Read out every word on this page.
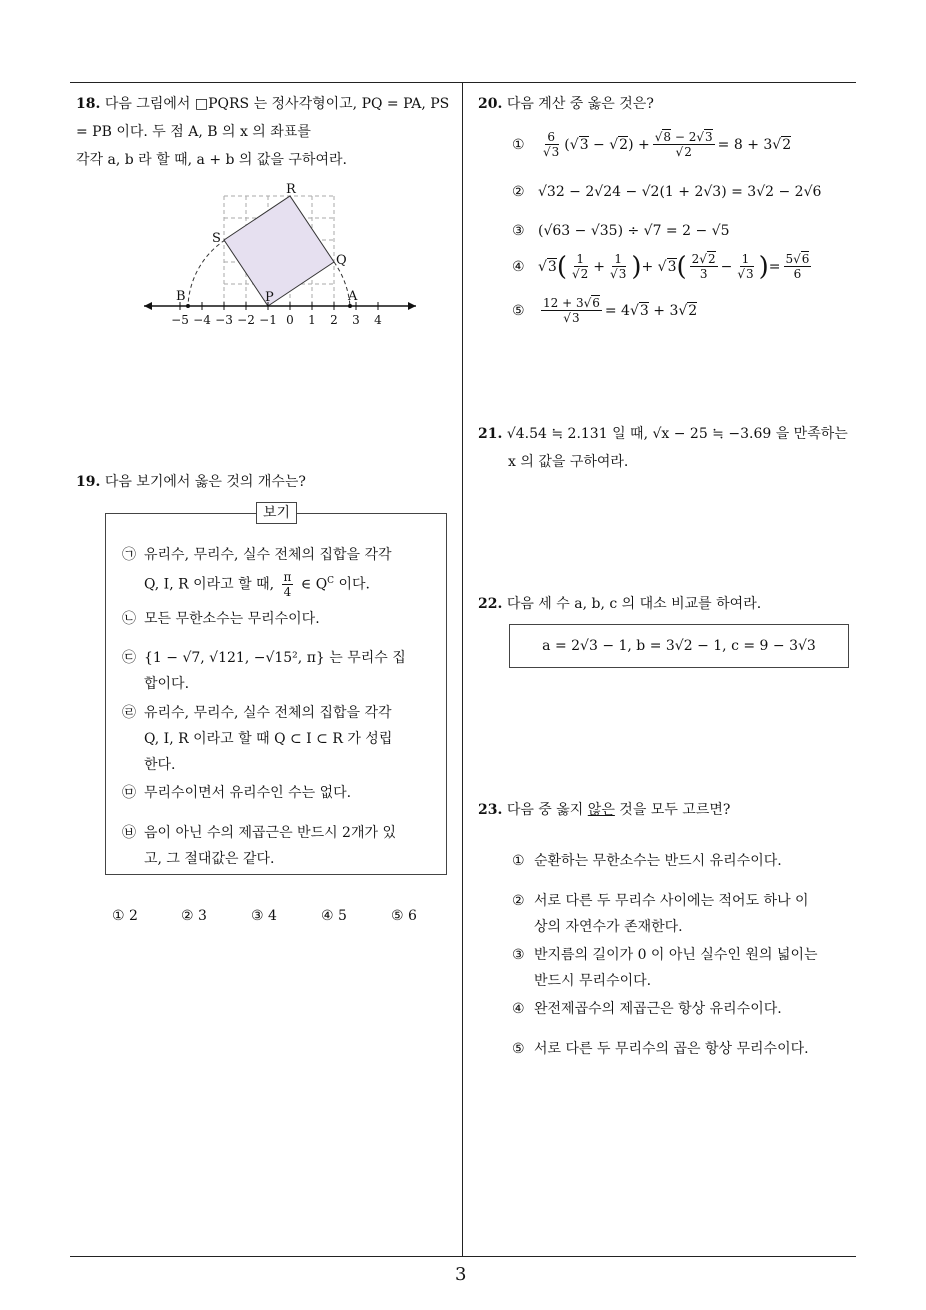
3
18. 다음 그림에서 □PQRS 는 정사각형이고, PQ = PA, PS = PB 이다. 두 점 A, B 의 x 의 좌표를
각각 a, b 라 할 때, a + b 의 값을 구하여라.
R
S
Q
P	A
B
−5 −4 −3 −2 −1 0 1 2 3 4
19. 다음 보기에서 옳은 것의 개수는?
보기
㉠ 유리수, 무리수, 실수 전체의 집합을 각각
Q, I, R 이라고 할 때, $\frac{\pi}{4}$ ∈ $Q^C$ 이다.
㉡ 모든 무한소수는 무리수이다.
㉢ {1 − √7, √121, −√15², π} 는 무리수 집
합이다.
㉣ 유리수, 무리수, 실수 전체의 집합을 각각
Q, I, R 이라고 할 때 Q ⊂ I ⊂ R 가 성립
한다.
㉤ 무리수이면서 유리수인 수는 없다.
㉥ 음이 아닌 수의 제곱근은 반드시 2개가 있
고, 그 절대값은 같다.
① 2	② 3	③ 4	④ 5	⑤ 6
20. 다음 계산 중 옳은 것은?
①	$\frac{6}{√3} (√3 - √2) + \frac{√8 - 2√3}{√2} = 8 + 3√2$
② √32 − 2√24 − √2(1 + 2√3) = 3√2 − 2√6
③ (√63 − √35) ÷ √7 = 2 − √5
④ √3 ( $\frac{1}{√2} + \frac{1}{√3}$ ) + √3 ( $\frac{2√2}{3} - \frac{1}{√3}$ ) = $\frac{5√6}{6}$
⑤	$\frac{12 + 3√6}{√3} = 4√3 + 3√2$
21. √4.54 ≒ 2.131 일 때, √x − 25 ≒ −3.69 을 만족하는
x 의 값을 구하여라.
22. 다음 세 수 a, b, c 의 대소 비교를 하여라.
a = 2√3 − 1, b = 3√2 − 1, c = 9 − 3√3
23. 다음 중 옳지 않은 것을 모두 고르면?
① 순환하는 무한소수는 반드시 유리수이다.
② 서로 다른 두 무리수 사이에는 적어도 하나 이
상의 자연수가 존재한다.
③ 반지름의 길이가 0 이 아닌 실수인 원의 넓이는
반드시 무리수이다.
④ 완전제곱수의 제곱근은 항상 유리수이다.
⑤ 서로 다른 두 무리수의 곱은 항상 무리수이다.
